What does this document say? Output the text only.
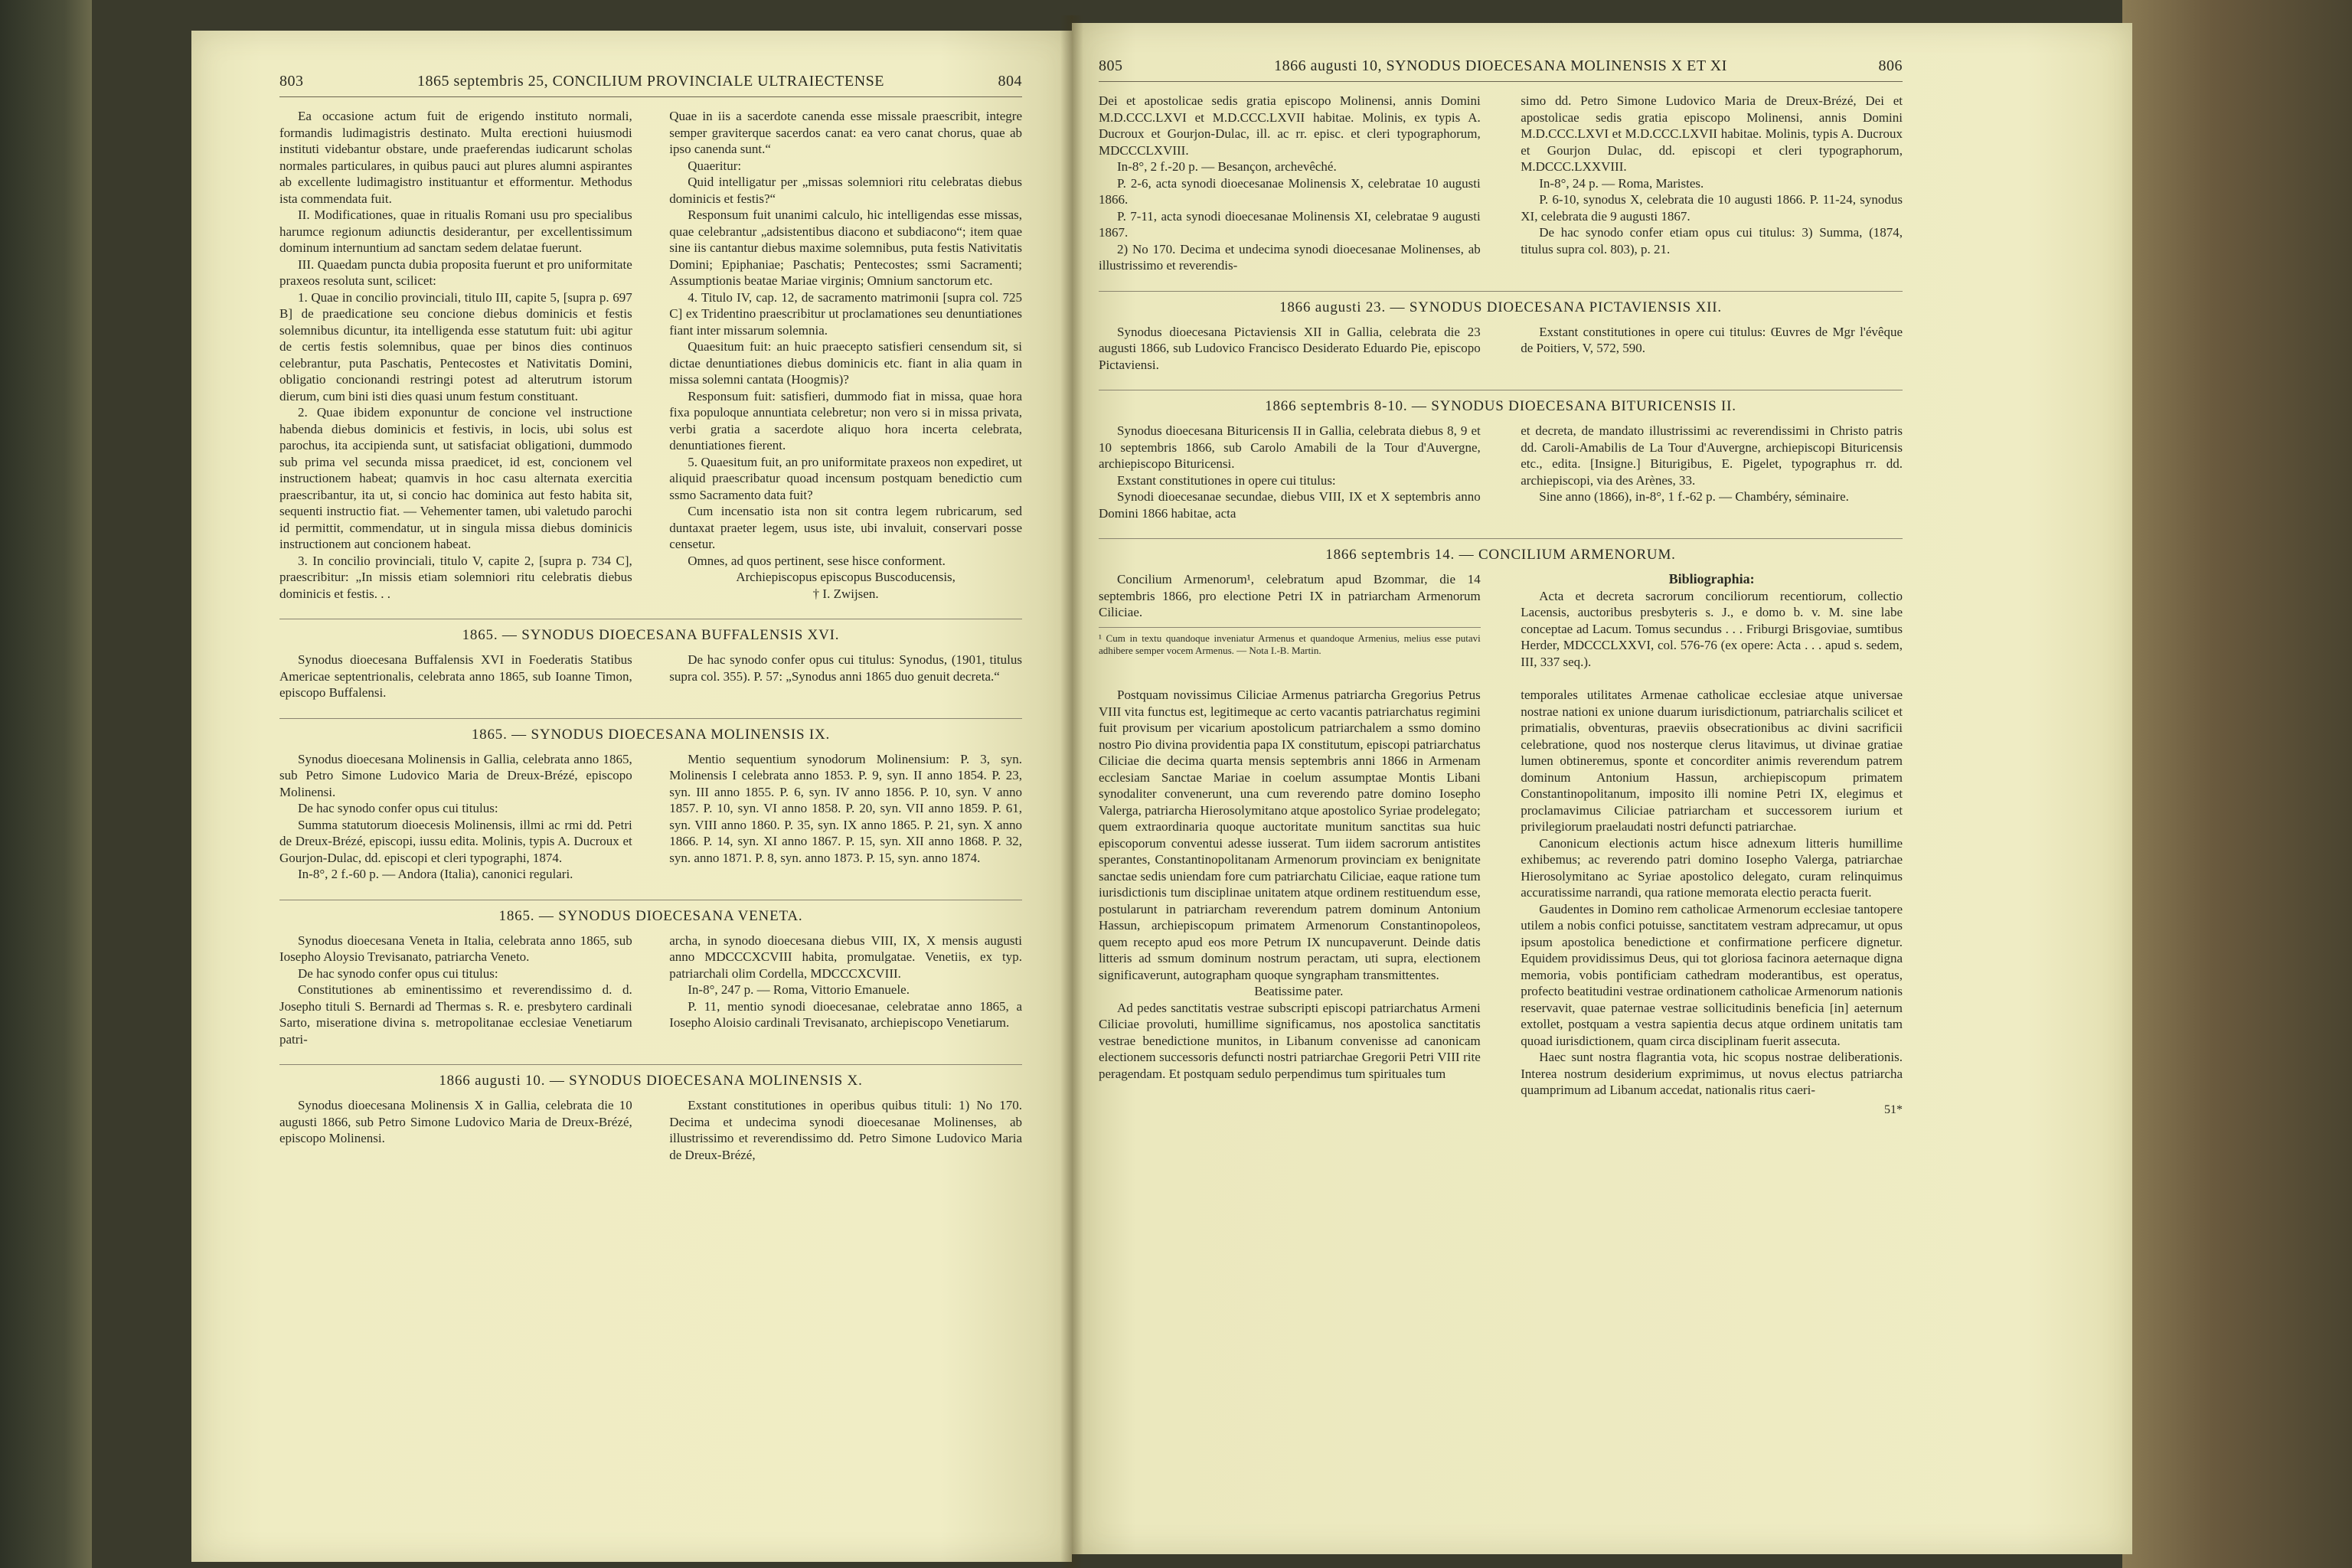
803	1865 septembris 25, CONCILIUM PROVINCIALE ULTRAIECTENSE	804

Ea occasione actum fuit de erigendo instituto normali, formandis ludimagistris destinato. Multa erectioni huiusmodi instituti videbantur obstare, unde praeferendas iudicarunt scholas normales particulares, in quibus pauci aut plures alumni aspirantes ab excellente ludimagistro instituantur et efformentur. Methodus ista commendata fuit.

II. Modificationes, quae in ritualis Romani usu pro specialibus harumce regionum adiunctis desiderantur, per excellentissimum dominum internuntium ad sanctam sedem delatae fuerunt.

III. Quaedam puncta dubia proposita fuerunt et pro uniformitate praxeos resoluta sunt, scilicet:

1. Quae in concilio provinciali, titulo III, capite 5, [supra p. 697 B] de praedicatione seu concione diebus dominicis et festis solemnibus dicuntur, ita intelligenda esse statutum fuit: ubi agitur de certis festis solemnibus, quae per binos dies continuos celebrantur, puta Paschatis, Pentecostes et Nativitatis Domini, obligatio concionandi restringi potest ad alterutrum istorum dierum, cum bini isti dies quasi unum festum constituant.

2. Quae ibidem exponuntur de concione vel instructione habenda diebus dominicis et festivis, in locis, ubi solus est parochus, ita accipienda sunt, ut satisfaciat obligationi, dummodo sub prima vel secunda missa praedicet, id est, concionem vel instructionem habeat; quamvis in hoc casu alternata exercitia praescribantur, ita ut, si concio hac dominica aut festo habita sit, sequenti instructio fiat. — Vehementer tamen, ubi valetudo parochi id permittit, commendatur, ut in singula missa diebus dominicis instructionem aut concionem habeat.

3. In concilio provinciali, titulo V, capite 2, [supra p. 734 C], praescribitur: „In missis etiam solemniori ritu celebratis diebus dominicis et festis. . .

Quae in iis a sacerdote canenda esse missale praescribit, integre semper graviterque sacerdos canat: ea vero canat chorus, quae ab ipso canenda sunt.“

Quaeritur:

Quid intelligatur per „missas solemniori ritu celebratas diebus dominicis et festis?“

Responsum fuit unanimi calculo, hic intelligendas esse missas, quae celebrantur „adsistentibus diacono et subdiacono“; item quae sine iis cantantur diebus maxime solemnibus, puta festis Nativitatis Domini; Epiphaniae; Paschatis; Pentecostes; ssmi Sacramenti; Assumptionis beatae Mariae virginis; Omnium sanctorum etc.

4. Titulo IV, cap. 12, de sacramento matrimonii [supra col. 725 C] ex Tridentino praescribitur ut proclamationes seu denuntiationes fiant inter missarum solemnia.

Quaesitum fuit: an huic praecepto satisfieri censendum sit, si dictae denuntiationes diebus dominicis etc. fiant in alia quam in missa solemni cantata (Hoogmis)?

Responsum fuit: satisfieri, dummodo fiat in missa, quae hora fixa populoque annuntiata celebretur; non vero si in missa privata, verbi gratia a sacerdote aliquo hora incerta celebrata, denuntiationes fierent.

5. Quaesitum fuit, an pro uniformitate praxeos non expediret, ut aliquid praescribatur quoad incensum postquam benedictio cum ssmo Sacramento data fuit?

Cum incensatio ista non sit contra legem rubricarum, sed duntaxat praeter legem, usus iste, ubi invaluit, conservari posse censetur.

Omnes, ad quos pertinent, sese hisce conforment.

Archiepiscopus episcopus Buscoducensis,

† I. Zwijsen.

1865. — SYNODUS DIOECESANA BUFFALENSIS XVI.

Synodus dioecesana Buffalensis XVI in Foederatis Statibus Americae septentrionalis, celebrata anno 1865, sub Ioanne Timon, episcopo Buffalensi.

De hac synodo confer opus cui titulus: Synodus, (1901, titulus supra col. 355). P. 57: „Synodus anni 1865 duo genuit decreta.“

1865. — SYNODUS DIOECESANA MOLINENSIS IX.

Synodus dioecesana Molinensis in Gallia, celebrata anno 1865, sub Petro Simone Ludovico Maria de Dreux-Brézé, episcopo Molinensi.

De hac synodo confer opus cui titulus:

Summa statutorum dioecesis Molinensis, illmi ac rmi dd. Petri de Dreux-Brézé, episcopi, iussu edita. Molinis, typis A. Ducroux et Gourjon-Dulac, dd. episcopi et cleri typographi, 1874.

In-8°, 2 f.-60 p. — Andora (Italia), canonici regulari.

Mentio sequentium synodorum Molinensium: P. 3, syn. Molinensis I celebrata anno 1853. P. 9, syn. II anno 1854. P. 23, syn. III anno 1855. P. 6, syn. IV anno 1856. P. 10, syn. V anno 1857. P. 10, syn. VI anno 1858. P. 20, syn. VII anno 1859. P. 61, syn. VIII anno 1860. P. 35, syn. IX anno 1865. P. 21, syn. X anno 1866. P. 14, syn. XI anno 1867. P. 15, syn. XII anno 1868. P. 32, syn. anno 1871. P. 8, syn. anno 1873. P. 15, syn. anno 1874.

1865. — SYNODUS DIOECESANA VENETA.

Synodus dioecesana Veneta in Italia, celebrata anno 1865, sub Iosepho Aloysio Trevisanato, patriarcha Veneto.

De hac synodo confer opus cui titulus:

Constitutiones ab eminentissimo et reverendissimo d. d. Josepho tituli S. Bernardi ad Thermas s. R. e. presbytero cardinali Sarto, miseratione divina s. metropolitanae ecclesiae Venetiarum patri-

archa, in synodo dioecesana diebus VIII, IX, X mensis augusti anno MDCCCXCVIII habita, promulgatae. Venetiis, ex typ. patriarchali olim Cordella, MDCCCXCVIII.

In-8°, 247 p. — Roma, Vittorio Emanuele.

P. 11, mentio synodi dioecesanae, celebratae anno 1865, a Iosepho Aloisio cardinali Trevisanato, archiepiscopo Venetiarum.

1866 augusti 10. — SYNODUS DIOECESANA MOLINENSIS X.

Synodus dioecesana Molinensis X in Gallia, celebrata die 10 augusti 1866, sub Petro Simone Ludovico Maria de Dreux-Brézé, episcopo Molinensi.

Exstant constitutiones in operibus quibus tituli: 1) No 170. Decima et undecima synodi dioecesanae Molinenses, ab illustrissimo et reverendissimo dd. Petro Simone Ludovico Maria de Dreux-Brézé,

805	1866 augusti 10, SYNODUS DIOECESANA MOLINENSIS X ET XI	806

Dei et apostolicae sedis gratia episcopo Molinensi, annis Domini M.D.CCC.LXVI et M.D.CCC.LXVII habitae. Molinis, ex typis A. Ducroux et Gourjon-Dulac, ill. ac rr. episc. et cleri typographorum, MDCCCLXVIII.

In-8°, 2 f.-20 p. — Besançon, archevêché.

P. 2-6, acta synodi dioecesanae Molinensis X, celebratae 10 augusti 1866.

P. 7-11, acta synodi dioecesanae Molinensis XI, celebratae 9 augusti 1867.

2) No 170. Decima et undecima synodi dioecesanae Molinenses, ab illustrissimo et reverendis-

simo dd. Petro Simone Ludovico Maria de Dreux-Brézé, Dei et apostolicae sedis gratia episcopo Molinensi, annis Domini M.D.CCC.LXVI et M.D.CCC.LXVII habitae. Molinis, typis A. Ducroux et Gourjon Dulac, dd. episcopi et cleri typographorum, M.DCCC.LXXVIII.

In-8°, 24 p. — Roma, Maristes.

P. 6-10, synodus X, celebrata die 10 augusti 1866. P. 11-24, synodus XI, celebrata die 9 augusti 1867.

De hac synodo confer etiam opus cui titulus: 3) Summa, (1874, titulus supra col. 803), p. 21.

1866 augusti 23. — SYNODUS DIOECESANA PICTAVIENSIS XII.

Synodus dioecesana Pictaviensis XII in Gallia, celebrata die 23 augusti 1866, sub Ludovico Francisco Desiderato Eduardo Pie, episcopo Pictaviensi.

Exstant constitutiones in opere cui titulus: Œuvres de Mgr l'évêque de Poitiers, V, 572, 590.

1866 septembris 8-10. — SYNODUS DIOECESANA BITURICENSIS II.

Synodus dioecesana Bituricensis II in Gallia, celebrata diebus 8, 9 et 10 septembris 1866, sub Carolo Amabili de la Tour d'Auvergne, archiepiscopo Bituricensi.

Exstant constitutiones in opere cui titulus:

Synodi dioecesanae secundae, diebus VIII, IX et X septembris anno Domini 1866 habitae, acta

et decreta, de mandato illustrissimi ac reverendissimi in Christo patris dd. Caroli-Amabilis de La Tour d'Auvergne, archiepiscopi Bituricensis etc., edita. [Insigne.] Biturigibus, E. Pigelet, typographus rr. dd. archiepiscopi, via des Arènes, 33.

Sine anno (1866), in-8°, 1 f.-62 p. — Chambéry, séminaire.

1866 septembris 14. — CONCILIUM ARMENORUM.

Concilium Armenorum¹, celebratum apud Bzommar, die 14 septembris 1866, pro electione Petri IX in patriarcham Armenorum Ciliciae.

¹ Cum in textu quandoque inveniatur Armenus et quandoque Armenius, melius esse putavi adhibere semper vocem Armenus. — Nota I.-B. Martin.
Bibliographia:

Acta et decreta sacrorum conciliorum recentiorum, collectio Lacensis, auctoribus presbyteris s. J., e domo b. v. M. sine labe conceptae ad Lacum. Tomus secundus . . . Friburgi Brisgoviae, sumtibus Herder, MDCCCLXXVI, col. 576-76 (ex opere: Acta . . . apud s. sedem, III, 337 seq.).

Postquam novissimus Ciliciae Armenus patriarcha Gregorius Petrus VIII vita functus est, legitimeque ac certo vacantis patriarchatus regimini fuit provisum per vicarium apostolicum patriarchalem a ssmo domino nostro Pio divina providentia papa IX constitutum, episcopi patriarchatus Ciliciae die decima quarta mensis septembris anni 1866 in Armenam ecclesiam Sanctae Mariae in coelum assumptae Montis Libani synodaliter convenerunt, una cum reverendo patre domino Iosepho Valerga, patriarcha Hierosolymitano atque apostolico Syriae prodelegato; quem extraordinaria quoque auctoritate munitum sanctitas sua huic episcoporum conventui adesse iusserat. Tum iidem sacrorum antistites sperantes, Constantinopolitanam Armenorum provinciam ex benignitate sanctae sedis uniendam fore cum patriarchatu Ciliciae, eaque ratione tum iurisdictionis tum disciplinae unitatem atque ordinem restituendum esse, postularunt in patriarcham reverendum patrem dominum Antonium Hassun, archiepiscopum primatem Armenorum Constantinopoleos, quem recepto apud eos more Petrum IX nuncupaverunt. Deinde datis litteris ad ssmum dominum nostrum peractam, uti supra, electionem significaverunt, autographam quoque syngrapham transmittentes.

Beatissime pater.

Ad pedes sanctitatis vestrae subscripti episcopi patriarchatus Armeni Ciliciae provoluti, humillime significamus, nos apostolica sanctitatis vestrae benedictione munitos, in Libanum convenisse ad canonicam electionem successoris defuncti nostri patriarchae Gregorii Petri VIII rite peragendam. Et postquam sedulo perpendimus tum spirituales tum

temporales utilitates Armenae catholicae ecclesiae atque universae nostrae nationi ex unione duarum iurisdictionum, patriarchalis scilicet et primatialis, obventuras, praeviis obsecrationibus ac divini sacrificii celebratione, quod nos nosterque clerus litavimus, ut divinae gratiae lumen obtineremus, sponte et concorditer animis reverendum patrem dominum Antonium Hassun, archiepiscopum primatem Constantinopolitanum, imposito illi nomine Petri IX, elegimus et proclamavimus Ciliciae patriarcham et successorem iurium et privilegiorum praelaudati nostri defuncti patriarchae.

Canonicum electionis actum hisce adnexum litteris humillime exhibemus; ac reverendo patri domino Iosepho Valerga, patriarchae Hierosolymitano ac Syriae apostolico delegato, curam relinquimus accuratissime narrandi, qua ratione memorata electio peracta fuerit.

Gaudentes in Domino rem catholicae Armenorum ecclesiae tantopere utilem a nobis confici potuisse, sanctitatem vestram adprecamur, ut opus ipsum apostolica benedictione et confirmatione perficere dignetur. Equidem providissimus Deus, qui tot gloriosa facinora aeternaque digna memoria, vobis pontificiam cathedram moderantibus, est operatus, profecto beatitudini vestrae ordinationem catholicae Armenorum nationis reservavit, quae paternae vestrae sollicitudinis beneficia [in] aeternum extollet, postquam a vestra sapientia decus atque ordinem unitatis tam quoad iurisdictionem, quam circa disciplinam fuerit assecuta.

Haec sunt nostra flagrantia vota, hic scopus nostrae deliberationis. Interea nostrum desiderium exprimimus, ut novus electus patriarcha quamprimum ad Libanum accedat, nationalis ritus caeri-

51*
